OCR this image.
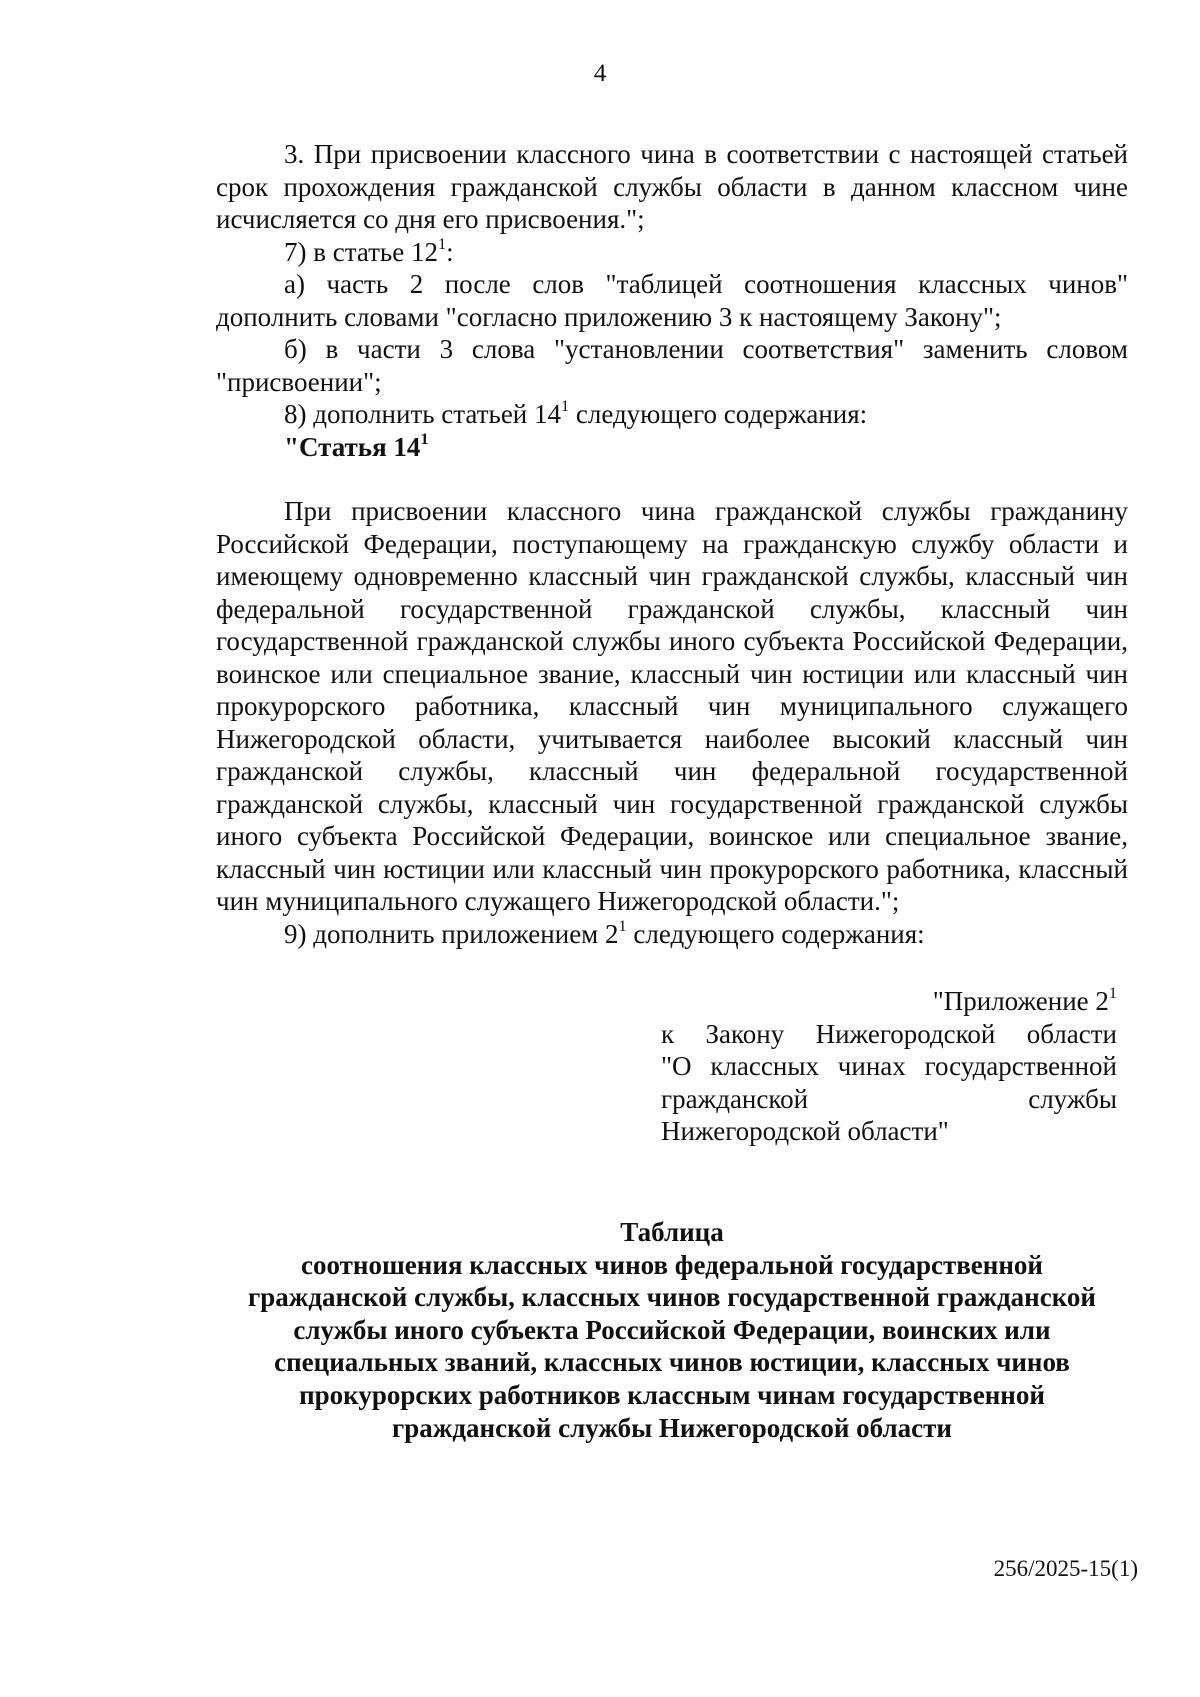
4

3. При присвоении классного чина в соответствии с настоящей статьей срок прохождения гражданской службы области в данном классном чине исчисляется со дня его присвоения.";

7) в статье $12^1$:

а) часть 2 после слов "таблицей соотношения классных чинов" дополнить словами "согласно приложению 3 к настоящему Закону";

б) в части 3 слова "установлении соответствия" заменить словом "присвоении";

8) дополнить статьей $14^1$ следующего содержания:

"Статья $14^1$

При присвоении классного чина гражданской службы гражданину Российской Федерации, поступающему на гражданскую службу области и имеющему одновременно классный чин гражданской службы, классный чин федеральной государственной гражданской службы, классный чин государственной гражданской службы иного субъекта Российской Федерации, воинское или специальное звание, классный чин юстиции или классный чин прокурорского работника, классный чин муниципального служащего Нижегородской области, учитывается наиболее высокий классный чин гражданской службы, классный чин федеральной государственной гражданской службы, классный чин государственной гражданской службы иного субъекта Российской Федерации, воинское или специальное звание, классный чин юстиции или классный чин прокурорского работника, классный чин муниципального служащего Нижегородской области.";

9) дополнить приложением $2^1$ следующего содержания:

"Приложение $2^1$
к Закону Нижегородской области
"О классных чинах государственной
гражданской службы
Нижегородской области"
Таблица
соотношения классных чинов федеральной государственной
гражданской службы, классных чинов государственной гражданской
службы иного субъекта Российской Федерации, воинских или
специальных званий, классных чинов юстиции, классных чинов
прокурорских работников классным чинам государственной
гражданской службы Нижегородской области
256/2025-15(1)
